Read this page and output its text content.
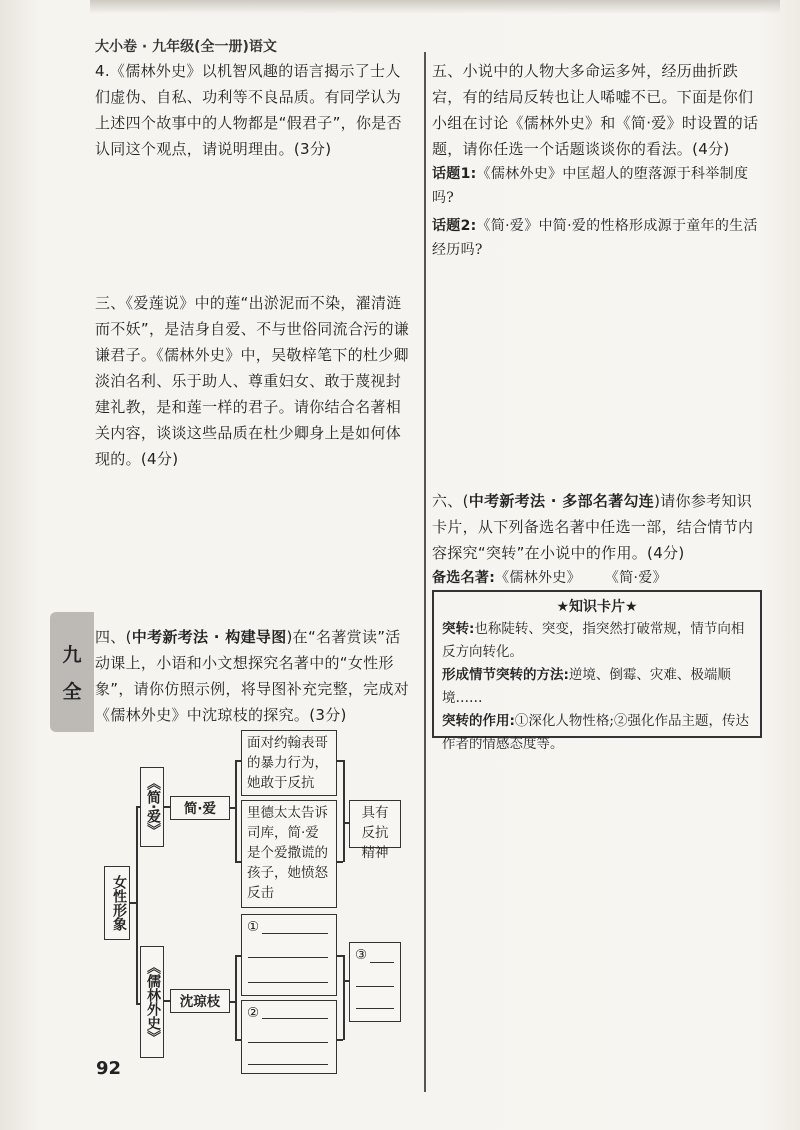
大小卷 · 九年级(全一册)语文
九
全
4.《儒林外史》以机智风趣的语言揭示了士人们虚伪、自私、功利等不良品质。有同学认为上述四个故事中的人物都是“假君子”，你是否认同这个观点，请说明理由。(3分)
三、《爱莲说》中的莲“出淤泥而不染，濯清涟而不妖”，是洁身自爱、不与世俗同流合污的谦谦君子。《儒林外史》中，吴敬梓笔下的杜少卿淡泊名利、乐于助人、尊重妇女、敢于蔑视封建礼教，是和莲一样的君子。请你结合名著相关内容，谈谈这些品质在杜少卿身上是如何体现的。(4分)
四、(中考新考法 · 构建导图)在“名著赏读”活动课上，小语和小文想探究名著中的“女性形象”，请你仿照示例，将导图补充完整，完成对《儒林外史》中沈琼枝的探究。(3分)
女性形象
《简·爱》
《儒林外史》
简·爱
沈琼枝
面对约翰表哥的暴力行为，她敢于反抗
里德太太告诉司库，简·爱是个爱撒谎的孩子，她愤怒反击
具有反抗精神
①
②
③
五、小说中的人物大多命运多舛，经历曲折跌宕，有的结局反转也让人唏嘘不已。下面是你们小组在讨论《儒林外史》和《简·爱》时设置的话题，请你任选一个话题谈谈你的看法。(4分)
话题1:《儒林外史》中匡超人的堕落源于科举制度吗?
话题2:《简·爱》中简·爱的性格形成源于童年的生活经历吗?
六、(中考新考法 · 多部名著勾连)请你参考知识卡片，从下列备选名著中任选一部，结合情节内容探究“突转”在小说中的作用。(4分)
备选名著:《儒林外史》 《简·爱》
★知识卡片★

突转:也称陡转、突变，指突然打破常规，情节向相反方向转化。

形成情节突转的方法:逆境、倒霉、灾难、极端顺境……

突转的作用:①深化人物性格;②强化作品主题，传达作者的情感态度等。

92
